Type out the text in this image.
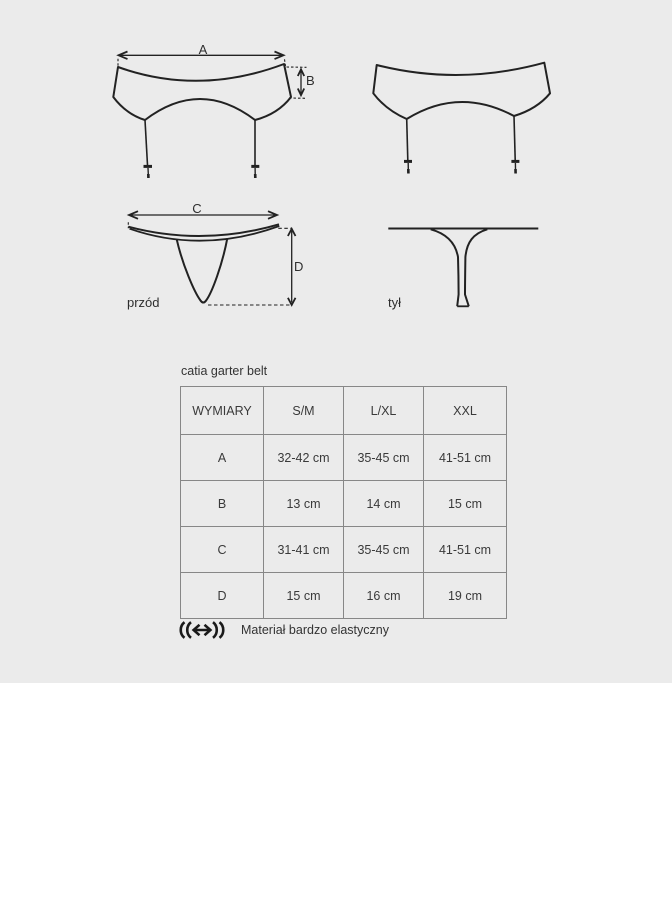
A
B
C
D
przód	tył
catia garter belt
WYMIARY	S/M	L/XL	XXL
A	32-42 cm	35-45 cm	41-51 cm
B	13 cm	14 cm	15 cm
C	31-41 cm	35-45 cm	41-51 cm
D	15 cm	16 cm	19 cm
Materiał bardzo elastyczny
